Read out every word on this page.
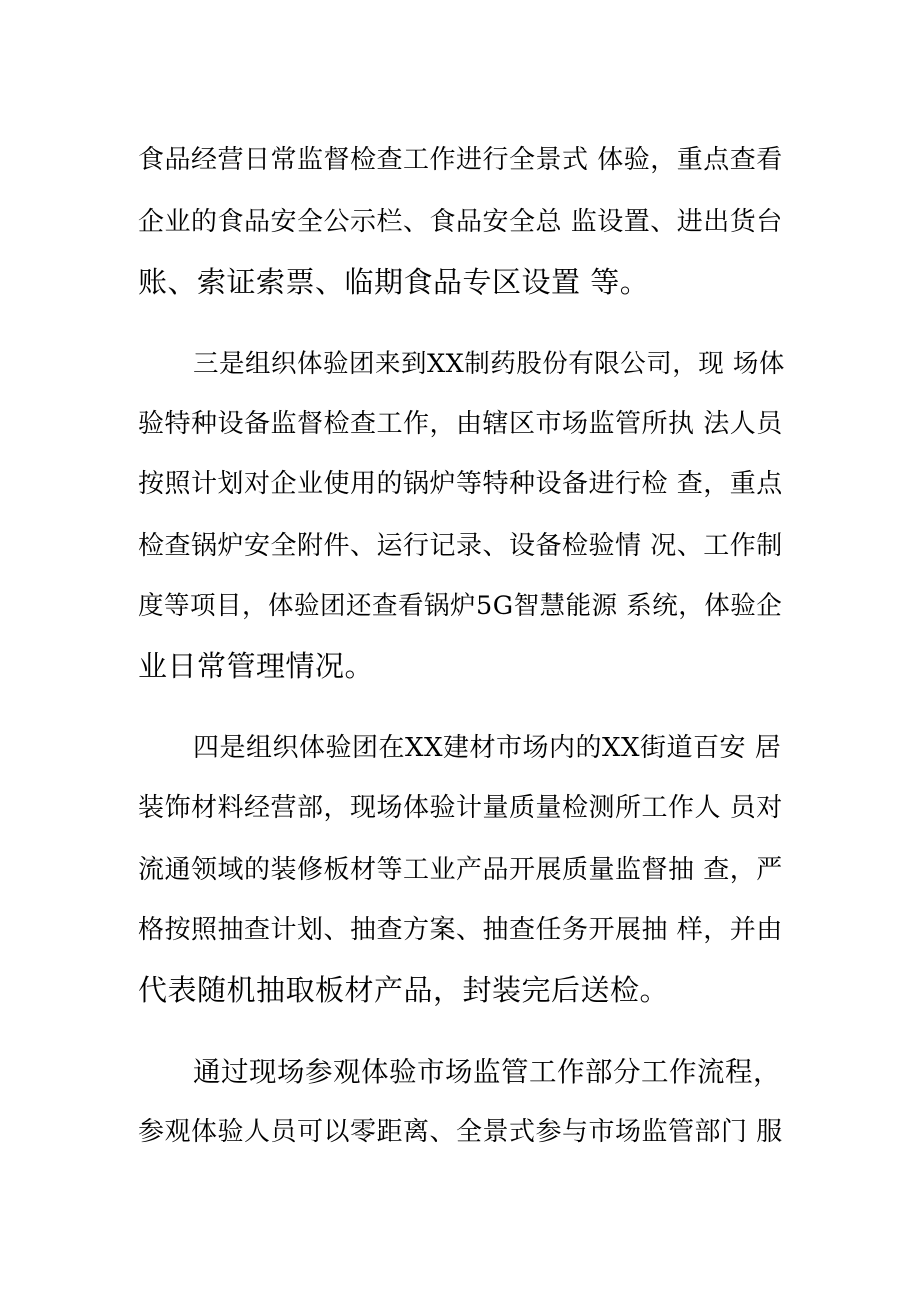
食品经营日常监督检查工作进行全景式 体验，重点查看
企业的食品安全公示栏、食品安全总 监设置、进出货台
账、索证索票、临期食品专区设置 等。
三是组织体验团来到XX制药股份有限公司，现 场体
验特种设备监督检查工作，由辖区市场监管所执 法人员
按照计划对企业使用的锅炉等特种设备进行检 查，重点
检查锅炉安全附件、运行记录、设备检验情 况、工作制
度等项目，体验团还查看锅炉5G智慧能源 系统，体验企
业日常管理情况。
四是组织体验团在XX建材市场内的XX街道百安 居
装饰材料经营部，现场体验计量质量检测所工作人 员对
流通领域的装修板材等工业产品开展质量监督抽 查，严
格按照抽查计划、抽查方案、抽查任务开展抽 样，并由
代表随机抽取板材产品，封装完后送检。
通过现场参观体验市场监管工作部分工作流程，
参观体验人员可以零距离、全景式参与市场监管部门 服
